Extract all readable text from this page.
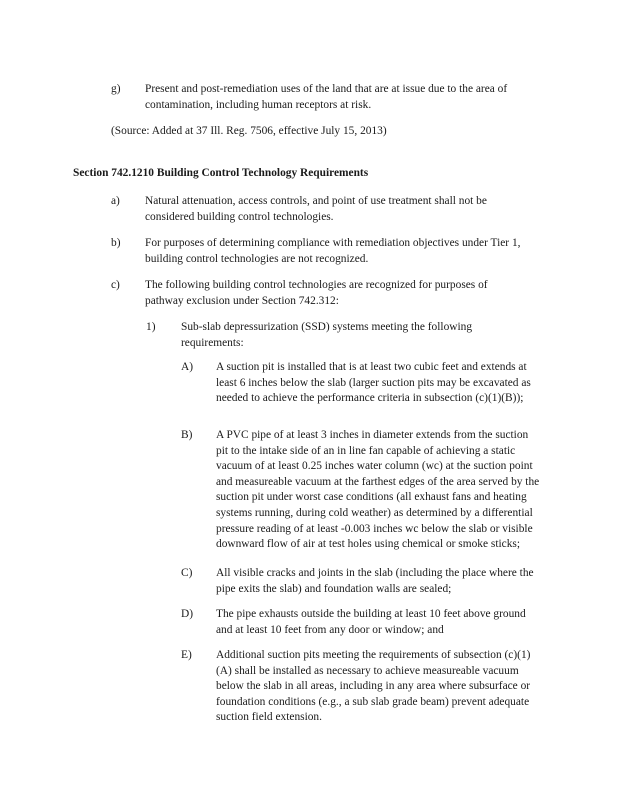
g) Present and post-remediation uses of the land that are at issue due to the area of contamination, including human receptors at risk.

(Source: Added at 37 Ill. Reg. 7506, effective July 15, 2013)

Section 742.1210 Building Control Technology Requirements

a) Natural attenuation, access controls, and point of use treatment shall not be considered building control technologies.

b) For purposes of determining compliance with remediation objectives under Tier 1, building control technologies are not recognized.

c) The following building control technologies are recognized for purposes of pathway exclusion under Section 742.312:

1) Sub-slab depressurization (SSD) systems meeting the following requirements:

A) A suction pit is installed that is at least two cubic feet and extends at least 6 inches below the slab (larger suction pits may be excavated as needed to achieve the performance criteria in subsection (c)(1)(B));

B) A PVC pipe of at least 3 inches in diameter extends from the suction pit to the intake side of an in line fan capable of achieving a static vacuum of at least 0.25 inches water column (wc) at the suction point and measureable vacuum at the farthest edges of the area served by the suction pit under worst case conditions (all exhaust fans and heating systems running, during cold weather) as determined by a differential pressure reading of at least -0.003 inches wc below the slab or visible downward flow of air at test holes using chemical or smoke sticks;

C) All visible cracks and joints in the slab (including the place where the pipe exits the slab) and foundation walls are sealed;

D) The pipe exhausts outside the building at least 10 feet above ground and at least 10 feet from any door or window; and

E) Additional suction pits meeting the requirements of subsection (c)(1)(A) shall be installed as necessary to achieve measureable vacuum below the slab in all areas, including in any area where subsurface or foundation conditions (e.g., a sub slab grade beam) prevent adequate suction field extension.
